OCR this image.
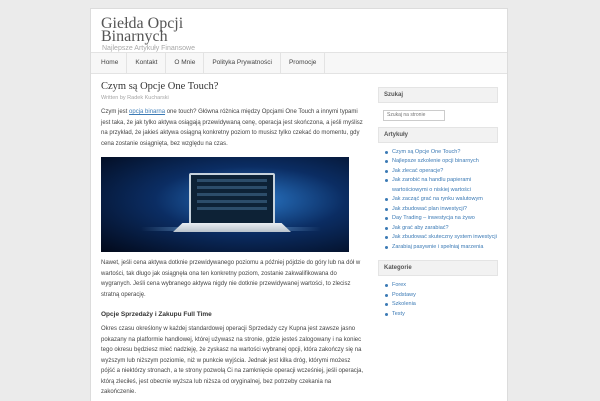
Giełda Opcji Binarnych
Najlepsze Artykuły Finansowe
Home	Kontakt	O Mnie	Polityka Prywatności	Promocje
Czym są Opcje One Touch?
Written by Radek Kucharski

Czym jest opcja binarna one touch? Główna różnica między Opcjami One Touch a innymi typami jest taka, że jak tylko aktywa osiągają przewidywaną cenę, operacja jest skończona, a jeśli myślisz na przykład, że jakieś aktywa osiągną konkretny poziom to musisz tylko czekać do momentu, gdy cena zostanie osiągnięta, bez względu na czas.

Nawet, jeśli cena aktywa dotknie przewidywanego poziomu a później pójdzie do góry lub na dół w wartości, tak długo jak osiągnęła ona ten konkretny poziom, zostanie zakwalifikowana do wygranych. Jeśli cena wybranego aktywa nigdy nie dotknie przewidywanej wartości, to zlecisz stratną operację.

Opcje Sprzedaży i Zakupu Full Time

Okres czasu określony w każdej standardowej operacji Sprzedaży czy Kupna jest zawsze jasno pokazany na platformie handlowej, której używasz na stronie, gdzie jesteś zalogowany i na koniec tego okresu będziesz mieć nadzieję, że zyskasz na wartości wybranej opcji, która zakończy się na wyższym lub niższym poziomie, niż w punkcie wyjścia. Jednak jest kilka dróg, którymi możesz pójść a niektórzy stronach, a te strony pozwolą Ci na zamknięcie operacji wcześniej, jeśli operacja, którą zleciłeś, jest obecnie wyższa lub niższa od oryginalnej, bez potrzeby czekania na zakończenie.

Szukaj
Szukaj na stronie
Artykuły
Czym są Opcje One Touch?
Najlepsze szkolenie opcji binarnych
Jak zlecać operacje?
Jak zarobić na handlu papierami wartościowymi o niskiej wartości
Jak zacząć grać na rynku walutowym
Jak zbudować plan inwestycji?
Day Trading – inwestycja na żywo
Jak grać aby zarabiać?
Jak zbudować skuteczny system inwestycji
Zarabiaj pasywnie i spełniaj marzenia
Kategorie
Forex
Podstawy
Szkolenia
Testy
